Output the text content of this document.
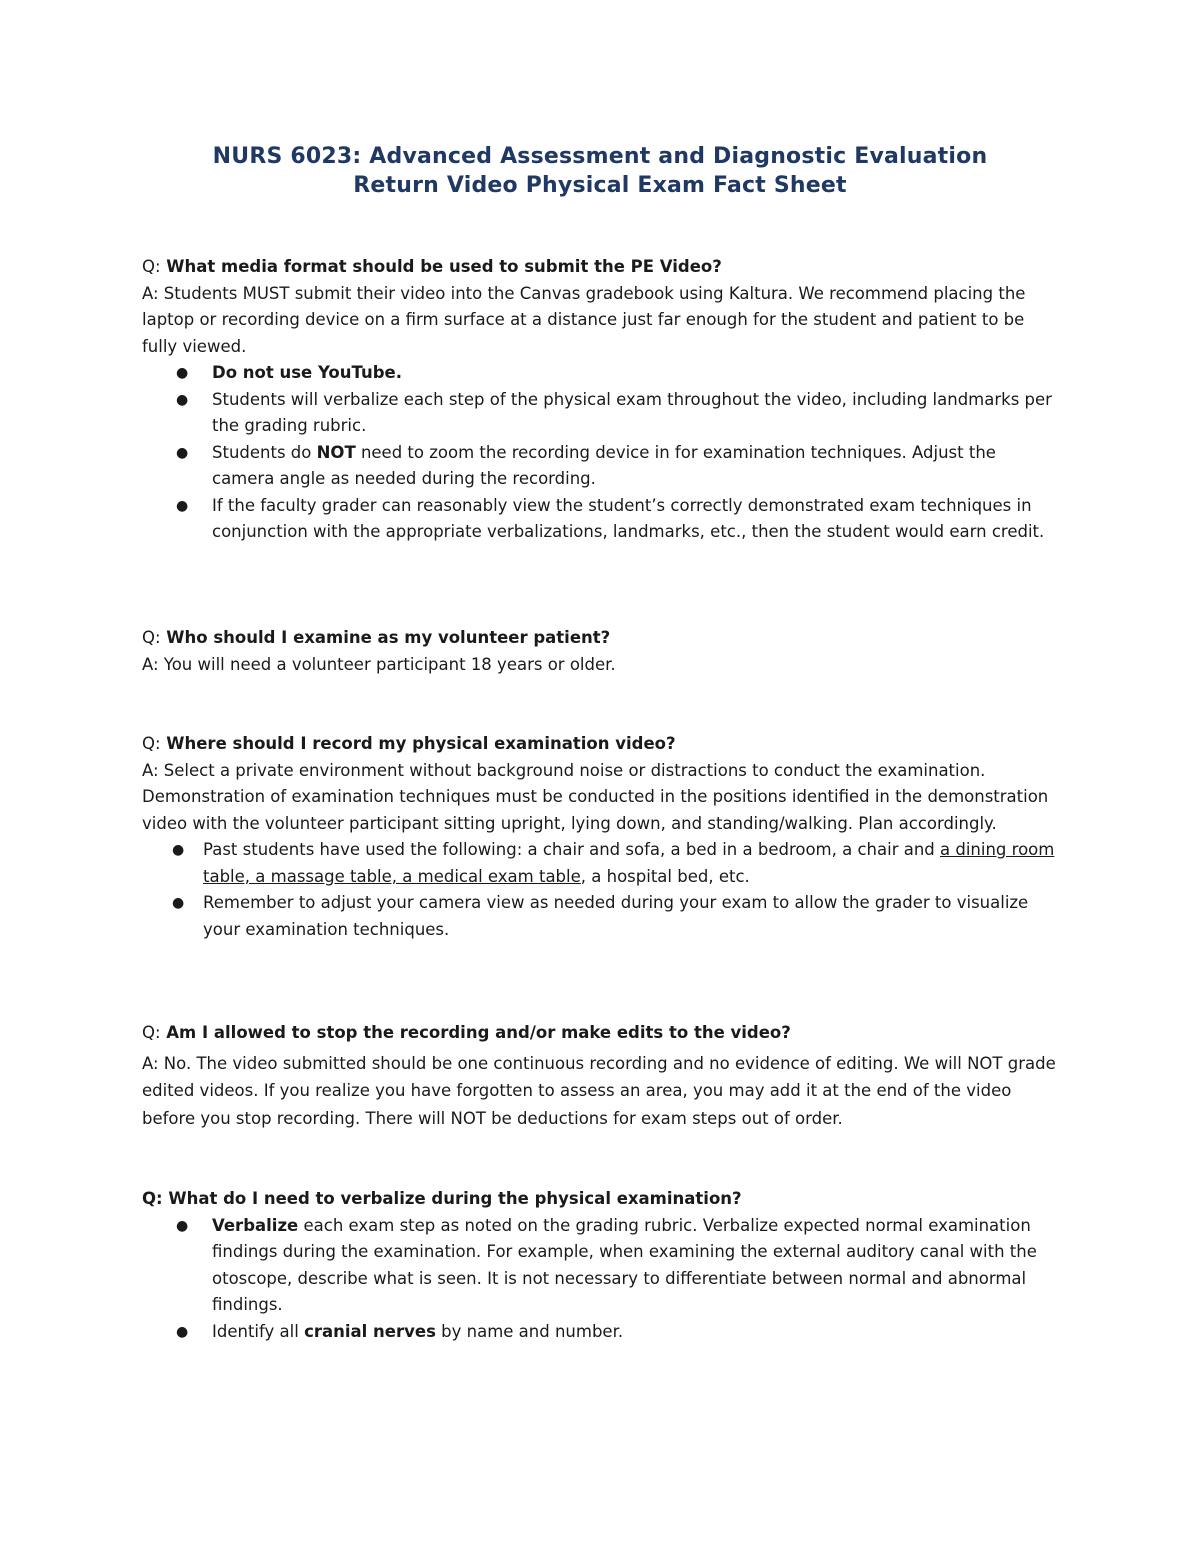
NURS 6023: Advanced Assessment and Diagnostic Evaluation
Return Video Physical Exam Fact Sheet
Q: What media format should be used to submit the PE Video?

A: Students MUST submit their video into the Canvas gradebook using Kaltura. We recommend placing the laptop or recording device on a firm surface at a distance just far enough for the student and patient to be fully viewed.

● Do not use YouTube.
● Students will verbalize each step of the physical exam throughout the video, including landmarks per the grading rubric.
● Students do NOT need to zoom the recording device in for examination techniques. Adjust the camera angle as needed during the recording.
● If the faculty grader can reasonably view the student’s correctly demonstrated exam techniques in conjunction with the appropriate verbalizations, landmarks, etc., then the student would earn credit.
Q: Who should I examine as my volunteer patient?

A: You will need a volunteer participant 18 years or older.

Q: Where should I record my physical examination video?

A: Select a private environment without background noise or distractions to conduct the examination. Demonstration of examination techniques must be conducted in the positions identified in the demonstration video with the volunteer participant sitting upright, lying down, and standing/walking. Plan accordingly.

● Past students have used the following: a chair and sofa, a bed in a bedroom, a chair and a dining room table, a massage table, a medical exam table, a hospital bed, etc.
● Remember to adjust your camera view as needed during your exam to allow the grader to visualize your examination techniques.
Q: Am I allowed to stop the recording and/or make edits to the video?

A: No. The video submitted should be one continuous recording and no evidence of editing. We will NOT grade edited videos. If you realize you have forgotten to assess an area, you may add it at the end of the video before you stop recording. There will NOT be deductions for exam steps out of order.

Q: What do I need to verbalize during the physical examination?
● Verbalize each exam step as noted on the grading rubric. Verbalize expected normal examination findings during the examination. For example, when examining the external auditory canal with the otoscope, describe what is seen. It is not necessary to differentiate between normal and abnormal findings.
● Identify all cranial nerves by name and number.
